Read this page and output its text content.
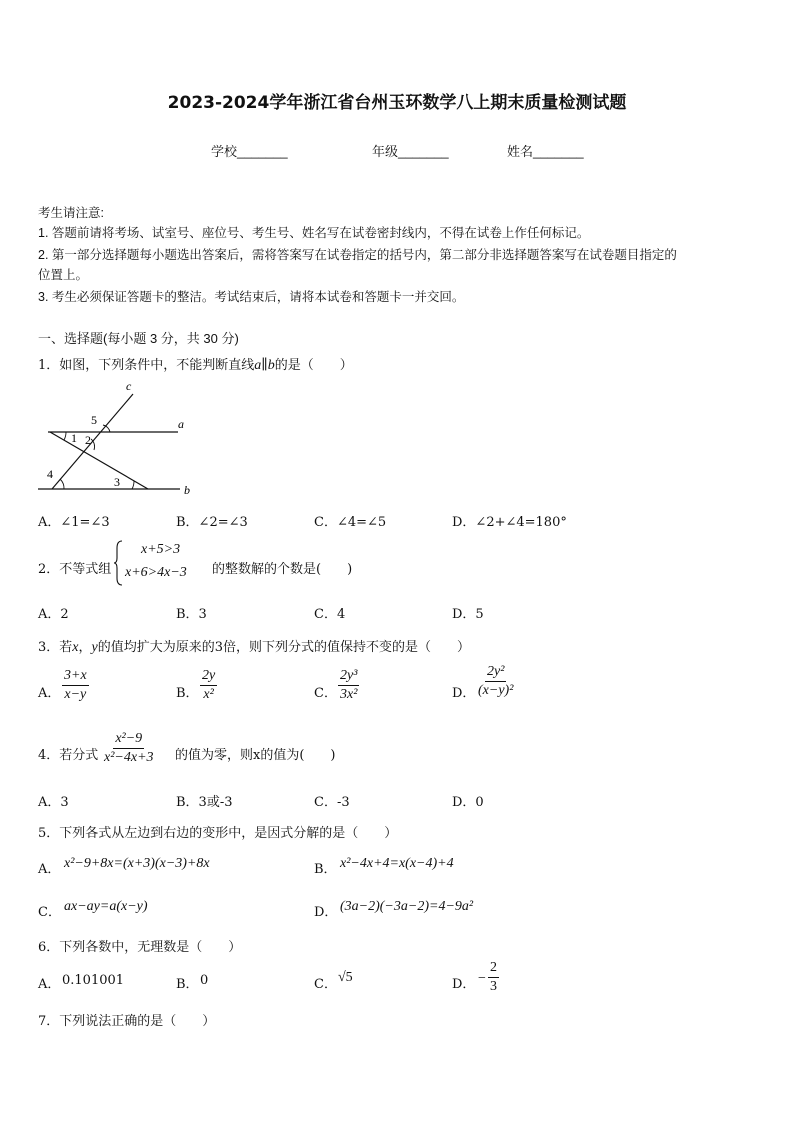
2023-2024学年浙江省台州玉环数学八上期末质量检测试题
学校_______	年级_______	姓名_______
考生请注意:
1. 答题前请将考场、试室号、座位号、考生号、姓名写在试卷密封线内，不得在试卷上作任何标记。
2. 第一部分选择题每小题选出答案后，需将答案写在试卷指定的括号内，第二部分非选择题答案写在试卷题目指定的
位置上。
3. 考生必须保证答题卡的整洁。考试结束后，请将本试卷和答题卡一并交回。
一、选择题(每小题 3 分，共 30 分)
1．如图，下列条件中，不能判断直线a∥b的是（　　）
c
a
b
1 2
3
4
5
A．∠1=∠3	B．∠2=∠3	C．∠4=∠5	D．∠2+∠4=180°
2．不等式组
x+5>3
x+6>4x−3 的整数解的个数是(　　)
A．2	B．3	C．4	D．5
3．若x，y的值均扩大为原来的3倍，则下列分式的值保持不变的是（　　）
A． $\frac{3+x}{x-y}$	B． $\frac{2y}{\text{x²}}$	C． $\frac{\text{2y³}}{\text{3x²}}$	D． $\frac{\text{2y²}}{\text{(x−y)²}}$
4．若分式 $\frac{\text{x²−9}}{\text{x²−4x+3}}$ 的值为零，则x的值为(　　)
A．3	B．3或-3	C．-3	D．0
5．下列各式从左边到右边的变形中，是因式分解的是（　　）
A． x²−9+8x=(x+3)(x−3)+8x	B． x²−4x+4=x(x−4)+4
C． ax−ay=a(x−y)	D． (3a−2)(−3a−2)=4−9a²
6．下列各数中，无理数是（　　）
A． 0.101001	B． 0	C． √5	D． − $\frac{2}{3}$
7．下列说法正确的是（　　）
